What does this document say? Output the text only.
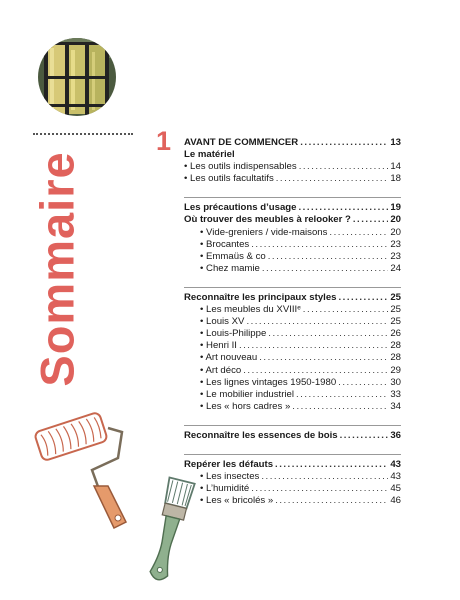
Sommaire
1 AVANT DE COMMENCER .....	13
Le matériel
• Les outils indispensables .....	14
• Les outils facultatifs .....	18
Les précautions d’usage .....	19
Où trouver des meubles à relooker ? .....	20
• Vide-greniers / vide-maisons .....	20
• Brocantes .....	23
• Emmaüs & co .....	23
• Chez mamie .....	24
Reconnaître les principaux styles .....	25
• Les meubles du XVIIIᵉ .....	25
• Louis XV .....	25
• Louis-Philippe .....	26
• Henri II .....	28
• Art nouveau .....	28
• Art déco .....	29
• Les lignes vintages 1950-1980 .....	30
• Le mobilier industriel .....	33
• Les « hors cadres » .....	34
Reconnaître les essences de bois .....	36
Repérer les défauts .....	43
• Les insectes .....	43
• L’humidité .....	45
• Les « bricolés » .....	46
